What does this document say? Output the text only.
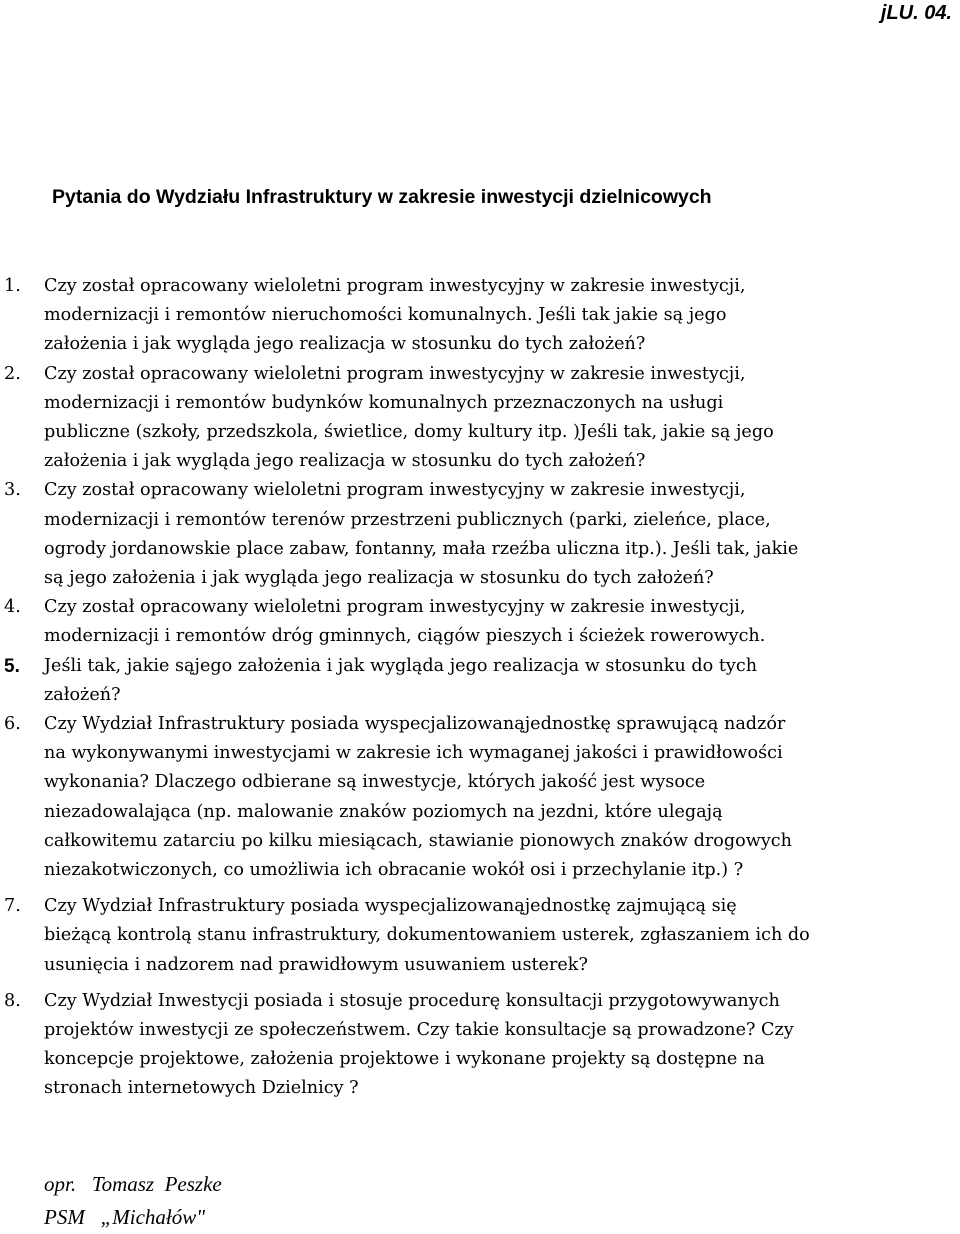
jLU. 04.
Pytania do Wydziału Infrastruktury w zakresie inwestycji dzielnicowych
1. Czy został opracowany wieloletni program inwestycyjny w zakresie inwestycji,
modernizacji i remontów nieruchomości komunalnych. Jeśli tak jakie są jego
założenia i jak wygląda jego realizacja w stosunku do tych założeń?
2. Czy został opracowany wieloletni program inwestycyjny w zakresie inwestycji,
modernizacji i remontów budynków komunalnych przeznaczonych na usługi
publiczne (szkoły, przedszkola, świetlice, domy kultury itp. )Jeśli tak, jakie są jego
założenia i jak wygląda jego realizacja w stosunku do tych założeń?
3. Czy został opracowany wieloletni program inwestycyjny w zakresie inwestycji,
modernizacji i remontów terenów przestrzeni publicznych (parki, zieleńce, place,
ogrody jordanowskie place zabaw, fontanny, mała rzeźba uliczna itp.). Jeśli tak, jakie
są jego założenia i jak wygląda jego realizacja w stosunku do tych założeń?
4. Czy został opracowany wieloletni program inwestycyjny w zakresie inwestycji,
modernizacji i remontów dróg gminnych, ciągów pieszych i ścieżek rowerowych.
5. Jeśli tak, jakie sąjego założenia i jak wygląda jego realizacja w stosunku do tych
założeń?
6. Czy Wydział Infrastruktury posiada wyspecjalizowanąjednostkę sprawującą nadzór
na wykonywanymi inwestycjami w zakresie ich wymaganej jakości i prawidłowości
wykonania? Dlaczego odbierane są inwestycje, których jakość jest wysoce
niezadowalająca (np. malowanie znaków poziomych na jezdni, które ulegają
całkowitemu zatarciu po kilku miesiącach, stawianie pionowych znaków drogowych
niezakotwiczonych, co umożliwia ich obracanie wokół osi i przechylanie itp.) ?
7. Czy Wydział Infrastruktury posiada wyspecjalizowanąjednostkę zajmującą się
bieżącą kontrolą stanu infrastruktury, dokumentowaniem usterek, zgłaszaniem ich do
usunięcia i nadzorem nad prawidłowym usuwaniem usterek?
8. Czy Wydział Inwestycji posiada i stosuje procedurę konsultacji przygotowywanych
projektów inwestycji ze społeczeństwem. Czy takie konsultacje są prowadzone? Czy
koncepcje projektowe, założenia projektowe i wykonane projekty są dostępne na
stronach internetowych Dzielnicy ?
opr.   Tomasz  Peszke
PSM   „Michałów"
